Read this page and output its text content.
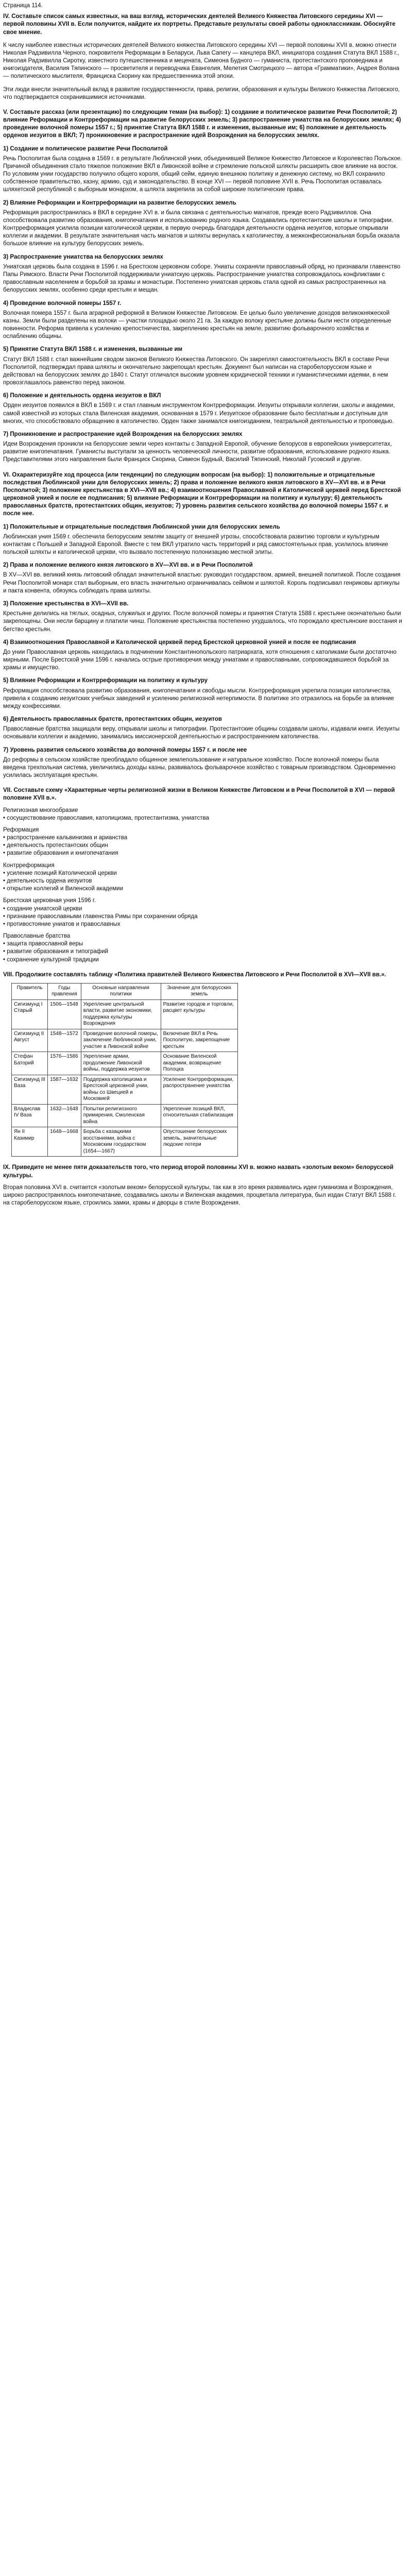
Страница 114.

IV. Составьте список самых известных, на ваш взгляд, исторических деятелей Великого Княжества Литовского середины XVI — первой половины XVII в. Если получится, найдите их портреты. Представьте результаты своей работы одноклассникам. Обоснуйте свое мнение.

К числу наиболее известных исторических деятелей Великого княжества Литовского середины XVI — первой половины XVII в. можно отнести Николая Радзивилла Черного, покровителя Реформации в Беларуси, Льва Сапегу — канцлера ВКЛ, инициатора создания Статута ВКЛ 1588 г., Николая Радзивилла Сиротку, известного путешественника и мецената, Симеона Будного — гуманиста, протестантского проповедника и книгоиздателя, Василия Тяпинского — просветителя и переводчика Евангелия, Мелетия Смотрицкого — автора «Грамматики», Андрея Волана — политического мыслителя, Франциска Скорину как предшественника этой эпохи.

Эти люди внесли значительный вклад в развитие государственности, права, религии, образования и культуры Великого Княжества Литовского, что подтверждается сохранившимися источниками.

V. Составьте рассказ (или презентацию) по следующим темам (на выбор): 1) создание и политическое развитие Речи Посполитой; 2) влияние Реформации и Контрреформации на развитие белорусских земель; 3) распространение униатства на белорусских землях; 4) проведение волочной померы 1557 г.; 5) принятие Статута ВКЛ 1588 г. и изменения, вызванные им; 6) положение и деятельность орденов иезуитов в ВКЛ; 7) проникновение и распространение идей Возрождения на белорусских землях.

1) Создание и политическое развитие Речи Посполитой

Речь Посполитая была создана в 1569 г. в результате Люблинской унии, объединившей Великое Княжество Литовское и Королевство Польское. Причиной объединения стало тяжелое положение ВКЛ в Ливонской войне и стремление польской шляхты расширить свое влияние на восток. По условиям унии государство получило общего короля, общий сейм, единую внешнюю политику и денежную систему, но ВКЛ сохранило собственное правительство, казну, армию, суд и законодательство. В конце XVI — первой половине XVII в. Речь Посполитая оставалась шляхетской республикой с выборным монархом, а шляхта закрепила за собой широкие политические права.

2) Влияние Реформации и Контрреформации на развитие белорусских земель

Реформация распространилась в ВКЛ в середине XVI в. и была связана с деятельностью магнатов, прежде всего Радзивиллов. Она способствовала развитию образования, книгопечатания и использованию родного языка. Создавались протестантские школы и типографии. Контрреформация усилила позиции католической церкви, в первую очередь благодаря деятельности ордена иезуитов, которые открывали коллегии и академии. В результате значительная часть магнатов и шляхты вернулась к католичеству, а межконфессиональная борьба оказала большое влияние на культуру белорусских земель.

3) Распространение униатства на белорусских землях

Униатская церковь была создана в 1596 г. на Брестском церковном соборе. Униаты сохраняли православный обряд, но признавали главенство Папы Римского. Власти Речи Посполитой поддерживали униатскую церковь. Распространение униатства сопровождалось конфликтами с православным населением и борьбой за храмы и монастыри. Постепенно униатская церковь стала одной из самых распространенных на белорусских землях, особенно среди крестьян и мещан.

4) Проведение волочной померы 1557 г.

Волочная помера 1557 г. была аграрной реформой в Великом Княжестве Литовском. Ее целью было увеличение доходов великокняжеской казны. Земли были разделены на волоки — участки площадью около 21 га. За каждую волоку крестьяне должны были нести определенные повинности. Реформа привела к усилению крепостничества, закреплению крестьян на земле, развитию фольварочного хозяйства и ослаблению общины.

5) Принятие Статута ВКЛ 1588 г. и изменения, вызванные им

Статут ВКЛ 1588 г. стал важнейшим сводом законов Великого Княжества Литовского. Он закреплял самостоятельность ВКЛ в составе Речи Посполитой, подтверждал права шляхты и окончательно закрепощал крестьян. Документ был написан на старобелорусском языке и действовал на белорусских землях до 1840 г. Статут отличался высоким уровнем юридической техники и гуманистическими идеями, в нем провозглашалось равенство перед законом.

6) Положение и деятельность ордена иезуитов в ВКЛ

Орден иезуитов появился в ВКЛ в 1569 г. и стал главным инструментом Контрреформации. Иезуиты открывали коллегии, школы и академии, самой известной из которых стала Виленская академия, основанная в 1579 г. Иезуитское образование было бесплатным и доступным для многих, что способствовало обращению в католичество. Орден также занимался книгоизданием, театральной деятельностью и проповедью.

7) Проникновение и распространение идей Возрождения на белорусских землях

Идеи Возрождения проникли на белорусские земли через контакты с Западной Европой, обучение белорусов в европейских университетах, развитие книгопечатания. Гуманисты выступали за ценность человеческой личности, развитие образования, использование родного языка. Представителями этого направления были Франциск Скорина, Симеон Будный, Василий Тяпинский, Николай Гусовский и другие.

VI. Охарактеризуйте ход процесса (или тенденции) по следующим вопросам (на выбор): 1) положительные и отрицательные последствия Люблинской унии для белорусских земель; 2) права и положение великого князя литовского в XV—XVI вв. и в Речи Посполитой; 3) положение крестьянства в XVI—XVII вв.; 4) взаимоотношения Православной и Католической церквей перед Брестской церковной унией и после ее подписания; 5) влияние Реформации и Контрреформации на политику и культуру; 6) деятельность православных братств, протестантских общин, иезуитов; 7) уровень развития сельского хозяйства до волочной померы 1557 г. и после нее.

1) Положительные и отрицательные последствия Люблинской унии для белорусских земель

Люблинская уния 1569 г. обеспечила белорусским землям защиту от внешней угрозы, способствовала развитию торговли и культурным контактам с Польшей и Западной Европой. Вместе с тем ВКЛ утратило часть территорий и ряд самостоятельных прав, усилилось влияние польской шляхты и католической церкви, что вызвало постепенную полонизацию местной элиты.

2) Права и положение великого князя литовского в XV—XVI вв. и в Речи Посполитой

В XV—XVI вв. великий князь литовский обладал значительной властью: руководил государством, армией, внешней политикой. После создания Речи Посполитой монарх стал выборным, его власть значительно ограничивалась сеймом и шляхтой. Король подписывал генриковы артикулы и пакта конвента, обязуясь соблюдать права шляхты.

3) Положение крестьянства в XVI—XVII вв.

Крестьяне делились на тяглых, осадных, служилых и других. После волочной померы и принятия Статута 1588 г. крестьяне окончательно были закрепощены. Они несли барщину и платили чинш. Положение крестьянства постепенно ухудшалось, что порождало крестьянские восстания и бегство крестьян.

4) Взаимоотношения Православной и Католической церквей перед Брестской церковной унией и после ее подписания

До унии Православная церковь находилась в подчинении Константинопольского патриархата, хотя отношения с католиками были достаточно мирными. После Брестской унии 1596 г. начались острые противоречия между униатами и православными, сопровождавшиеся борьбой за храмы и имущество.

5) Влияние Реформации и Контрреформации на политику и культуру

Реформация способствовала развитию образования, книгопечатания и свободы мысли. Контрреформация укрепила позиции католичества, привела к созданию иезуитских учебных заведений и усилению религиозной нетерпимости. В политике это отразилось на борьбе за влияние между конфессиями.

6) Деятельность православных братств, протестантских общин, иезуитов

Православные братства защищали веру, открывали школы и типографии. Протестантские общины создавали школы, издавали книги. Иезуиты основывали коллегии и академию, занимались миссионерской деятельностью и распространением католичества.

7) Уровень развития сельского хозяйства до волочной померы 1557 г. и после нее

До реформы в сельском хозяйстве преобладало общинное землепользование и натуральное хозяйство. После волочной померы была введена трехпольная система, увеличились доходы казны, развивалось фольварочное хозяйство с товарным производством. Одновременно усилилась эксплуатация крестьян.

VII. Составьте схему «Характерные черты религиозной жизни в Великом Княжестве Литовском и в Речи Посполитой в XVI — первой половине XVII в.».

Религиозная многообразие

• сосуществование православия, католицизма, протестантизма, униатства

Реформация

• распространение кальвинизма и арианства
• деятельность протестантских общин
• развитие образования и книгопечатания

Контрреформация

• усиление позиций Католической церкви
• деятельность ордена иезуитов
• открытие коллегий и Виленской академии

Брестская церковная уния 1596 г.

• создание униатской церкви
• признание православными главенства Римы при сохранении обряда
• противостояние униатов и православных

Православные братства

• защита православной веры
• развитие образования и типографий
• сохранение культурной традиции

VIII. Продолжите составлять таблицу «Политика правителей Великого Княжества Литовского и Речи Посполитой в XVI—XVII вв.».

Правитель	Годы правления	Основные направления политики	Значение для белорусских земель
Сигизмунд I Старый	1506—1548	Укрепление центральной власти, развитие экономики, поддержка культуры Возрождения	Развитие городов и торговли, расцвет культуры
Сигизмунд II Август	1548—1572	Проведение волочной померы, заключение Люблинской унии, участие в Ливонской войне	Включение ВКЛ в Речь Посполитую, закрепощение крестьян
Стефан Баторий	1576—1586	Укрепление армии, продолжение Ливонской войны, поддержка иезуитов	Основание Виленской академии, возвращение Полоцка
Сигизмунд III Ваза	1587—1632	Поддержка католицизма и Брестской церковной унии, войны со Швецией и Московией	Усиление Контрреформации, распространение униатства
Владислав IV Ваза	1632—1648	Попытки религиозного примирения, Смоленская война	Укрепление позиций ВКЛ, относительная стабилизация
Ян II Казимир	1648—1668	Борьба с казацкими восстаниями, война с Московским государством (1654—1667)	Опустошение белорусских земель, значительные людские потери

IX. Приведите не менее пяти доказательств того, что период второй половины XVI в. можно назвать «золотым веком» белорусской культуры.

Вторая половина XVI в. считается «золотым веком» белорусской культуры, так как в это время развивались идеи гуманизма и Возрождения, широко распространялось книгопечатание, создавались школы и Виленская академия, процветала литература, был издан Статут ВКЛ 1588 г. на старобелорусском языке, строились замки, храмы и дворцы в стиле Возрождения.
